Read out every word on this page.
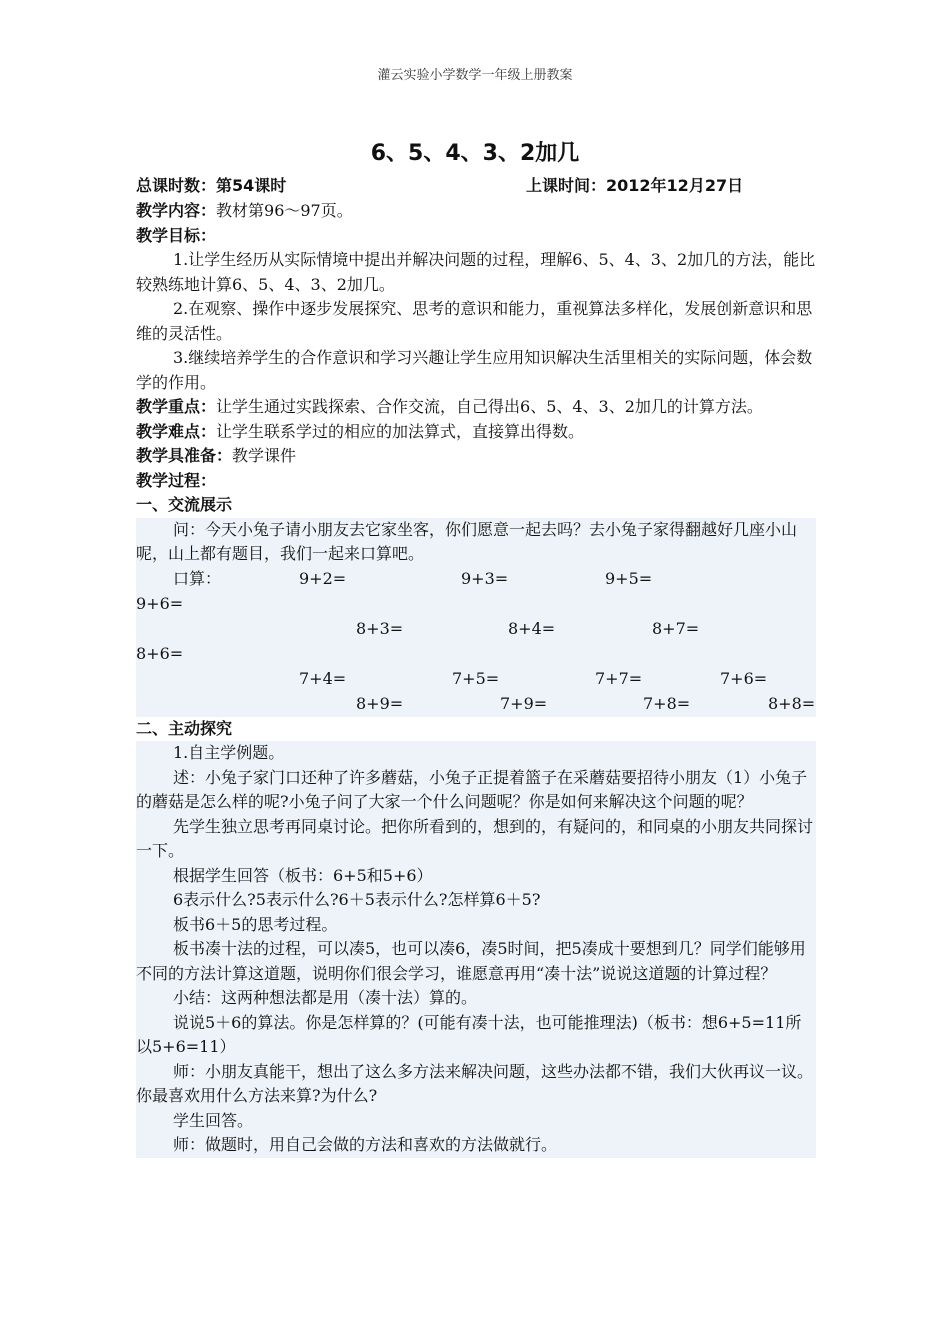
灌云实验小学数学一年级上册教案
6、5、4、3、2加几
总课时数：第54课时	上课时间：2012年12月27日
教学内容：教材第96～97页。
教学目标：
1.让学生经历从实际情境中提出并解决问题的过程，理解6、5、4、3、2加几的方法，能比较熟练地计算6、5、4、3、2加几。
2.在观察、操作中逐步发展探究、思考的意识和能力，重视算法多样化，发展创新意识和思维的灵活性。
3.继续培养学生的合作意识和学习兴趣让学生应用知识解决生活里相关的实际问题，体会数学的作用。
教学重点：让学生通过实践探索、合作交流，自己得出6、5、4、3、2加几的计算方法。
教学难点：让学生联系学过的相应的加法算式，直接算出得数。
教学具准备：教学课件
教学过程：
一、交流展示
问：今天小兔子请小朋友去它家坐客，你们愿意一起去吗？去小兔子家得翻越好几座小山呢，山上都有题目，我们一起来口算吧。
口算：	9+2=	9+3=	9+5=
9+6=
8+3=	8+4=	8+7=
8+6=
7+4=	7+5=	7+7=	7+6=
8+9=	7+9=	7+8=	8+8=
二、主动探究
1.自主学例题。
述：小兔子家门口还种了许多蘑菇，小兔子正提着篮子在采蘑菇要招待小朋友（1）小兔子的蘑菇是怎么样的呢?小兔子问了大家一个什么问题呢？你是如何来解决这个问题的呢？
先学生独立思考再同桌讨论。把你所看到的，想到的，有疑问的，和同桌的小朋友共同探讨一下。
根据学生回答（板书：6+5和5+6）
6表示什么?5表示什么?6＋5表示什么?怎样算6＋5?
板书6＋5的思考过程。
板书凑十法的过程，可以凑5，也可以凑6，凑5时间，把5凑成十要想到几？同学们能够用不同的方法计算这道题，说明你们很会学习，谁愿意再用“凑十法”说说这道题的计算过程？
小结：这两种想法都是用（凑十法）算的。
说说5＋6的算法。你是怎样算的？(可能有凑十法，也可能推理法)（板书：想6+5=11所以5+6=11）
师：小朋友真能干，想出了这么多方法来解决问题，这些办法都不错，我们大伙再议一议。你最喜欢用什么方法来算?为什么?
学生回答。
师：做题时，用自己会做的方法和喜欢的方法做就行。
